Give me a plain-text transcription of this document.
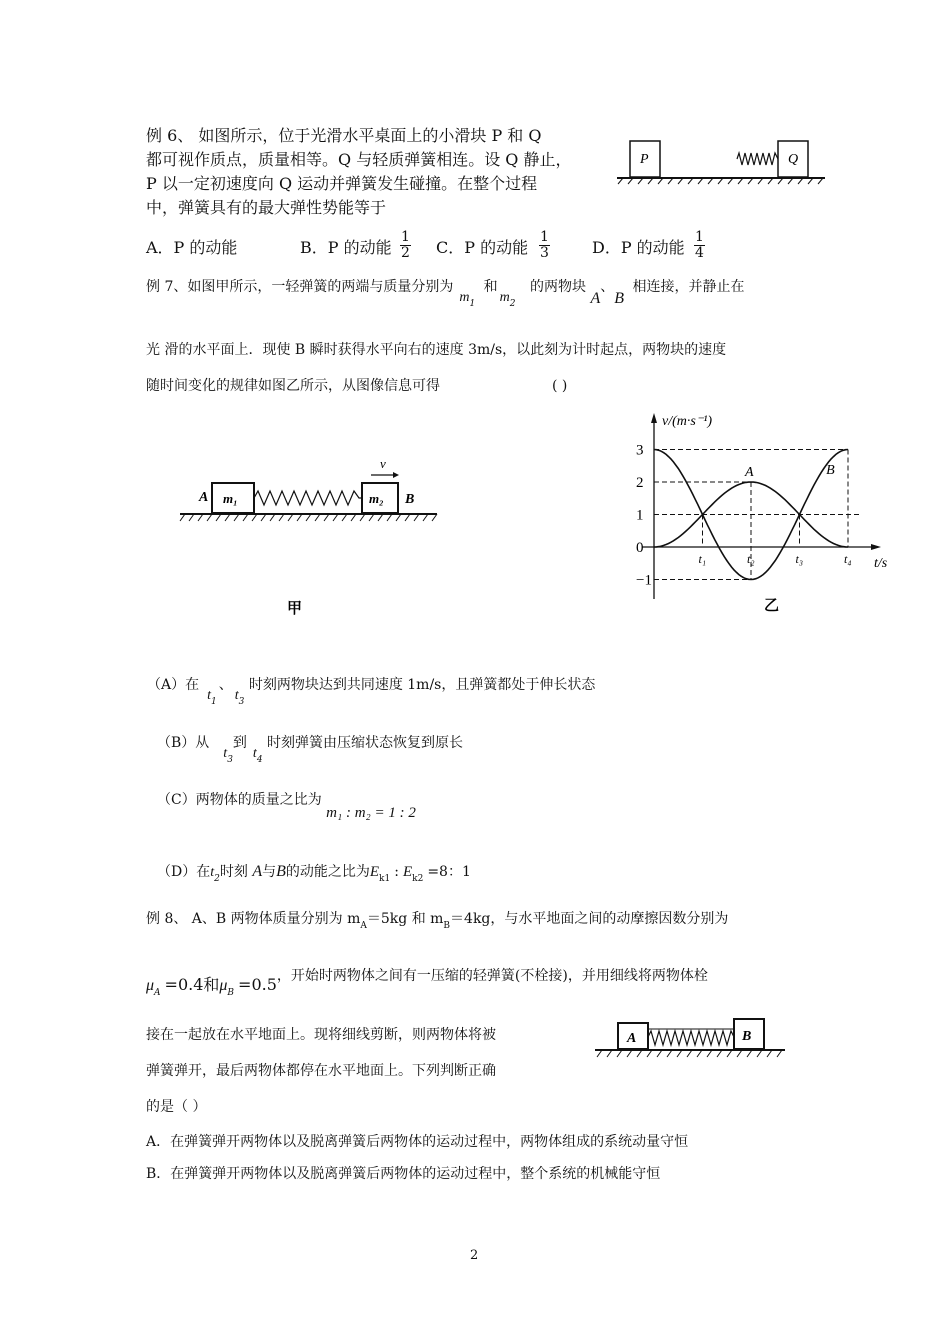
例 6、 如图所示，位于光滑水平桌面上的小滑块 P 和 Q
都可视作质点，质量相等。Q 与轻质弹簧相连。设 Q 静止，
P 以一定初速度向 Q 运动并弹簧发生碰撞。在整个过程
中，弹簧具有的最大弹性势能等于
A．P 的动能	B．P 的动能 $\frac{1}{2}$ C．P 的动能 $\frac{1}{3}$	D．P 的动能 $\frac{1}{4}$
P	Q
例 7、如图甲所示，一轻弹簧的两端与质量分别为$m_1$ 和$m_2$ 的两物块 A、B 相连接，并静止在
光 滑的水平面上．现使 B 瞬时获得水平向右的速度 3m/s，以此刻为计时起点，两物块的速度
随时间变化的规律如图乙所示，从图像信息可得	( )
v
A m₁	m₂ B
甲
v/(m·s⁻¹)
t/s
乙
3
2
1
0
−1
t₁	t₂	t₃	t₄
A	B
（A）在$t_1$、$t_3$ 时刻两物块达到共同速度 1m/s，且弹簧都处于伸长状态
（B）从$t_3$到$t_4$ 时刻弹簧由压缩状态恢复到原长
（C）两物体的质量之比为 m₁ : m₂ = 1 : 2
（D）在$t_2$时刻 A与B的动能之比为$E_{k1}$ : $E_{k2} =8$：1
例 8、 A、B 两物体质量分别为 $m_A=5kg$ 和 $m_B=4kg$，与水平地面之间的动摩擦因数分别为
$\mu_A =0.4$和$\mu_B =0.5$，开始时两物体之间有一压缩的轻弹簧(不栓接)，并用细线将两物体栓
接在一起放在水平地面上。现将细线剪断，则两物体将被
弹簧弹开，最后两物体都停在水平地面上。下列判断正确
的是（ ）
A	B
A．在弹簧弹开两物体以及脱离弹簧后两物体的运动过程中，两物体组成的系统动量守恒
B．在弹簧弹开两物体以及脱离弹簧后两物体的运动过程中，整个系统的机械能守恒
2
